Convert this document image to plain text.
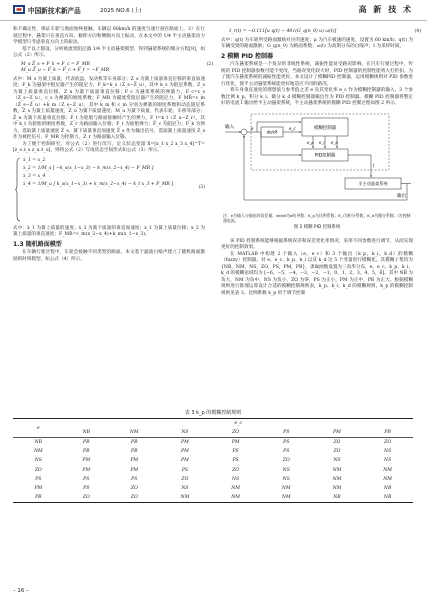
中国新技术新产品	2025 NO.6 (上)	高 新 技 术

和不确定性，保证车轮与地面始终接触。车辆以 60km/h 的速度匀速行驶在路面上。3）在行驶过程中，悬架只在垂直方向、俯仰方向和侧倾方向上振动，在本文中的 1/4 半主动悬架动力学模型只考虑垂直方向上的振动。

基于以上假设，分析被流变阻尼器 1/4 半主动悬架模型，得到悬架系统的微分方程[9]，如公式（2）所示。

M_s Z̈_s + F_k + F_c = F_MR
M_u Z̈_u − F_k − F_c + F_t = −F_MR
(2)

式中：M_s 为簧上质量，代表底盘、发动机等车身部分；Z_s 为簧上质量垂直位移的垂直加速度；F_k 为悬架中阻尼器产生的阻尼力，F_k=k_s（Z_s−Z_u），其中 k_s 为阻尼系数，Z_s 为簧上质量垂直位移，Z_u 为簧下质量垂直位移；F_c 为悬架系统的弹簧力，F_c=c_s（Z_s−Z_u），c_s 为弹簧的刚度系数；F_MR 为磁流变阻尼器产生的阻尼力，F_MR=c_m（Ż_s−Ż_u）+k_m（Z_s−Z_u），其中 k_m 和 c_m 分别为弹簧的刚度系数和动态阻尼系数，Ż_s 为簧上质量速度，Ż_u 为簧下质量速度；M_u 为簧下质量，代表车轮、车桥等部分；Z̈_u 为簧下质量垂直位移；F_t 为轮胎与路面接触时产生的弹力，F_t=k_t（Z_u−Z_r），其中 k_t 为轮胎的刚度系数，Z_r 为路面输入位移；F_t 为轮胎弹力；F_c 为阻尼力；F_k 为弹力。选取簧上质量速度 Ż_s、簧下质量垂直加速度 Z̈_s 作为输出信号，选取簧上质量速度 Ż_s 作为被控信号，F_MR 为控制力，Z_r 为路面输入位移。

为了便于控制研究，对公式（2）进行改写，定义状态变量 X=[x_1 x_2 x_3 x_4]^T=[z_s ż_s z_u ż_u]，则将公式（2）写成状态空间形式如公式（3）所示。

ẋ_1 = x_2
ẋ_2 = 1/M_s [ −k_s(x_1−x_3) − k_m(x_2−x_4) − F_MR ]
ẋ_3 = x_4
ẋ_4 = 1/M_u [ k_s(x_1−x_3) + k_m(x_2−x_4) − k_t x_3 + F_MR ]
(3)

式中：ẋ_1 为簧上质量的速度；ẋ_3 为簧下质量的垂直加速度；x_1 为簧上质量位移；x_2 为簧上质量的垂直速度；F_MR=c_m(x_2−x_4)+k_m(x_1−x_3)。

1.3 随机路面模型

在车辆行驶过程中，车轮会接触不同类型的路面。本文基于滤波白噪声建立了随机路面激励的时域模型，如公式（4）所示。

ż_r(t) = −0.111[u q(t) − 40√(G_q(n_0) u) ω(t)]	(4)

式中：q(t) 为车轮所受路面激励对应的速度；μ 为汽车极速的速度，设置为 60 km/h；q(t) 为车辆受到的路面激励；G_q(n_0) 为路面系数；ω(t) 为高斯分布的白噪声；t 为采样时间。

2 模糊 PID 控制器

汽车悬架系统是一个复杂的非线性系统，减振性能易受路况影响。在汽车行驶过程中，传统的 PID 控制器参数可能不更改，当路况变化较大时，PID 控制器的控制性能将大打折扣。为了使汽车悬架系统的减振性能更好，本文设计了模糊PID 控制器，运用模糊规则对 PID 参数进行优化，使半主动悬架系统能更好地适应不同的路况。

将车身垂直速度的理想值与参考值之差 e 及其变化率 e_c 作为模糊控制器的输入，3 个参数比例 k_p、积分 k_i、微分 k_d 模糊控制器输出作为 PID 控制器。模糊 PID 控制器将整定好的电流 I 输出给半主动悬架系统，半主动悬架系统的模糊 PID 控制过程如图 2 所示。

输入	e
de/dt
e_c	模糊控制器
K_p K_i K_d
PID控制器
I
半主动悬架系统
输出
注：e为输入与输出的误差量；de/dt为e的导数；K_p为比例系数；K_i为积分系数；K_d为微分系数；I为控制器电流。
图 2 模糊 PID 控制系统

该 PID 控制系统能够根据系统误差和误差变化率情况，采用不同参数进行调节，从而实现更好的控制效果。

在 MATLAB 中构建 2 个输入（e、e_c）和 3 个输出（k_p、k_i、k_d）的模糊（fuzzy）控制器。对 e、e_c、k_p、k_i 以及 k_d 这 5 个变量进行模糊化。其模糊子集均为{NB，NM，NS，ZO，PS，PM，PB}，隶属函数设置为三角形分布，e、e_c、k_p、k_i、k_d 的模糊论域均为 [−6，−5，−4，−3，−2，−1，0，1，2，3，4，5，6]。其中 NB 为负大，NM 为负中，NS 为负小，ZO 为零，PS 为正小，PM 为正中，PB 为正大。根据模糊规则进行推理运算设计合适的模糊控制规则表，k_p、k_i、k_d 的模糊规则，k_p 的模糊控制规则见表 3。比例系数 k_p 用于调节控制

表 3 k_p 的模糊控制规则
e	e_c						
	NB	NM	NS	ZO	PS	PM	PB
NB	PB	PB	PM	PM	PS	ZO	ZO
NM	PB	PB	PM	PS	PS	ZO	NS
NS	PM	PM	PM	PS	ZO	NS	NS
ZO	PM	PM	PS	ZO	NS	NM	NM
PS	PS	PS	ZO	NS	NS	NM	NM
PM	PS	ZO	NS	NM	NM	NM	NB
PB	ZO	ZO	NM	NM	NM	NB	NB
– 16 –
